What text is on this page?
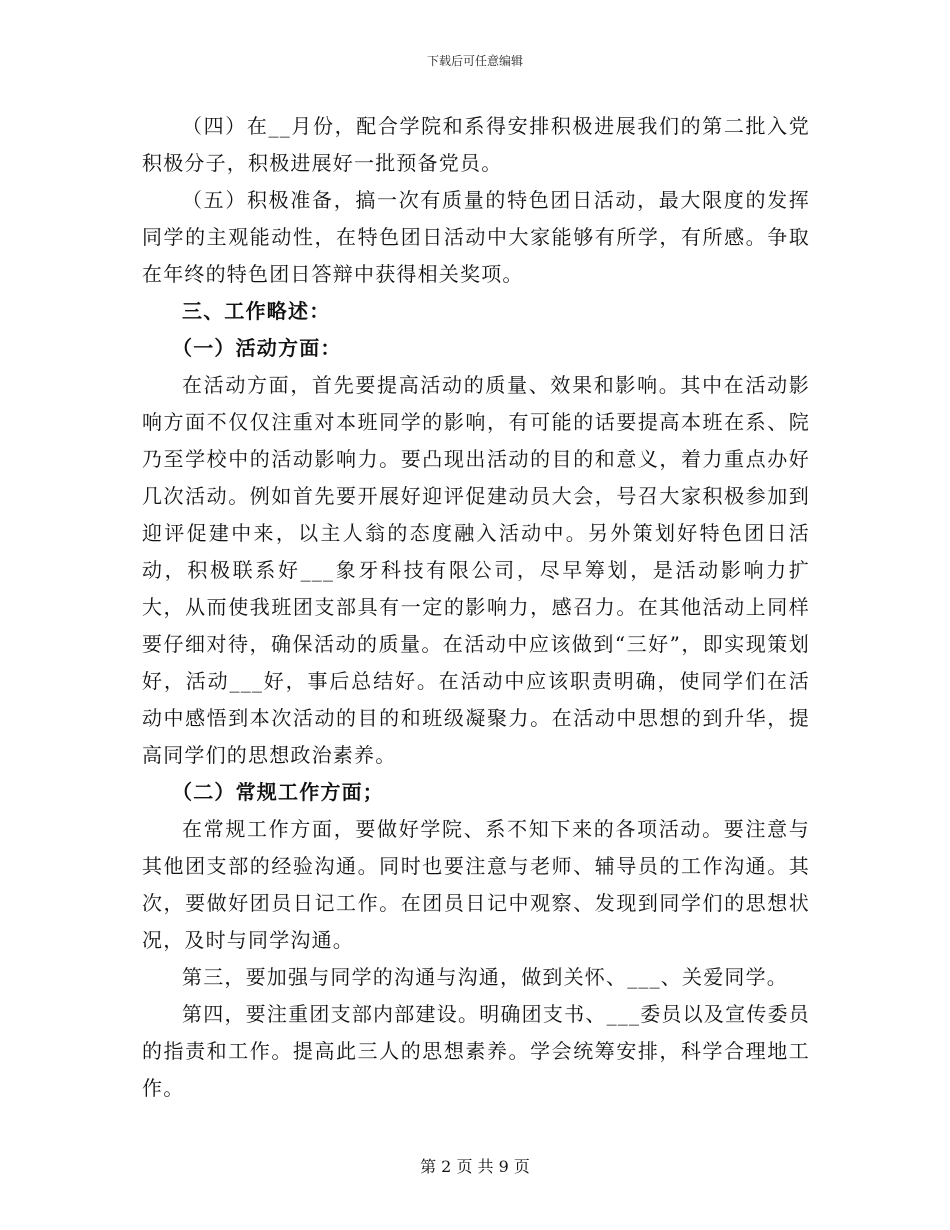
下载后可任意编辑

（四）在__月份，配合学院和系得安排积极进展我们的第二批入党积极分子，积极进展好一批预备党员。

（五）积极准备，搞一次有质量的特色团日活动，最大限度的发挥同学的主观能动性，在特色团日活动中大家能够有所学，有所感。争取在年终的特色团日答辩中获得相关奖项。

三、工作略述：

（一）活动方面：

在活动方面，首先要提高活动的质量、效果和影响。其中在活动影响方面不仅仅注重对本班同学的影响，有可能的话要提高本班在系、院乃至学校中的活动影响力。要凸现出活动的目的和意义，着力重点办好几次活动。例如首先要开展好迎评促建动员大会，号召大家积极参加到迎评促建中来，以主人翁的态度融入活动中。另外策划好特色团日活动，积极联系好___象牙科技有限公司，尽早筹划，是活动影响力扩大，从而使我班团支部具有一定的影响力，感召力。在其他活动上同样要仔细对待，确保活动的质量。在活动中应该做到“三好”，即实现策划好，活动___好，事后总结好。在活动中应该职责明确，使同学们在活动中感悟到本次活动的目的和班级凝聚力。在活动中思想的到升华，提高同学们的思想政治素养。

（二）常规工作方面；

在常规工作方面，要做好学院、系不知下来的各项活动。要注意与其他团支部的经验沟通。同时也要注意与老师、辅导员的工作沟通。其次，要做好团员日记工作。在团员日记中观察、发现到同学们的思想状况，及时与同学沟通。

第三，要加强与同学的沟通与沟通，做到关怀、___、关爱同学。

第四，要注重团支部内部建设。明确团支书、___委员以及宣传委员的指责和工作。提高此三人的思想素养。学会统筹安排，科学合理地工作。

第 2 页 共 9 页
